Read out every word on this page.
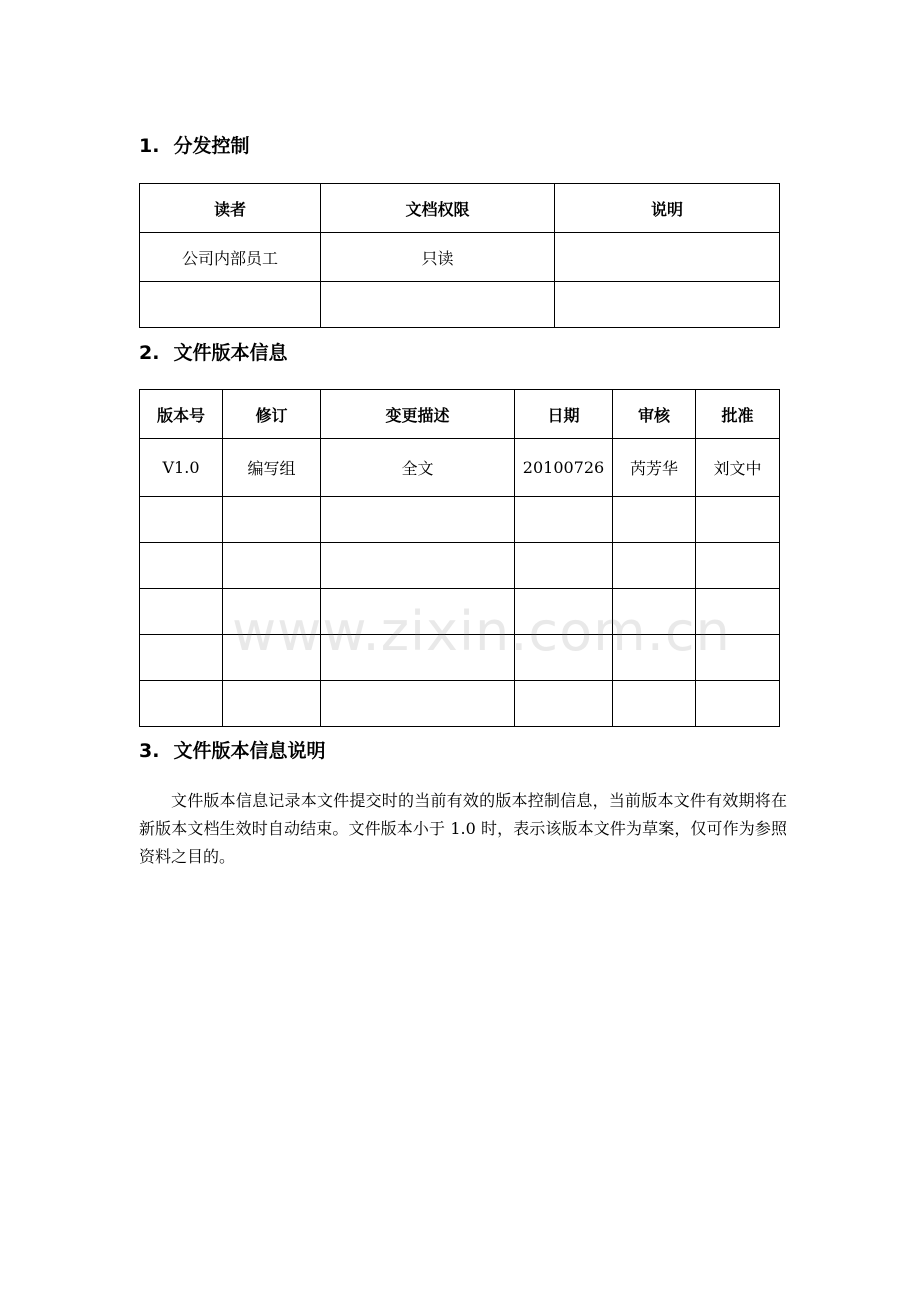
1. 分发控制
读者	文档权限	说明
公司内部员工	只读	

2. 文件版本信息
版本号	修订	变更描述	日期	审核	批准
V1.0	编写组	全文	20100726	芮芳华	刘文中

www.zixin.com.cn
3. 文件版本信息说明

文件版本信息记录本文件提交时的当前有效的版本控制信息，当前版本文件有效期将在新版本文档生效时自动结束。文件版本小于 1.0 时，表示该版本文件为草案，仅可作为参照资料之目的。
